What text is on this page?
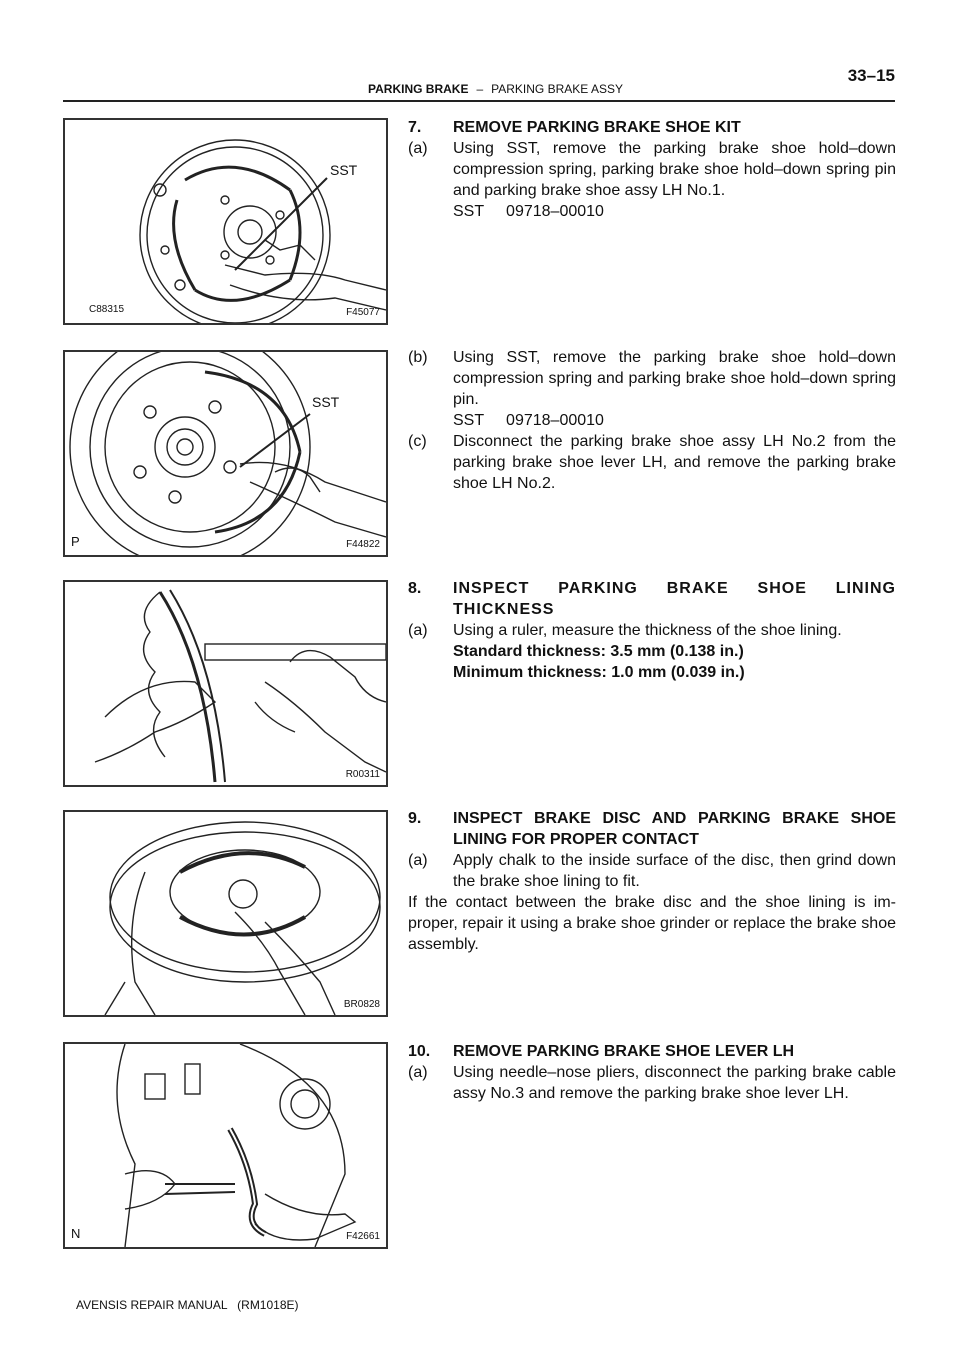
PARKING BRAKE – PARKING BRAKE ASSY
33–15
SST
C88315	F45077
SST
P	F44822
R00311
BR0828
N	F42661
7.	REMOVE PARKING BRAKE SHOE KIT
(a)	Using SST, remove the parking brake shoe hold–down compression spring, parking brake shoe hold–down spring pin and parking brake shoe assy LH No.1.
SST     09718–00010
(b)	Using SST, remove the parking brake shoe hold–down compression spring and parking brake shoe hold–down spring pin.
SST     09718–00010
(c)	Disconnect the parking brake shoe assy LH No.2 from the parking brake shoe lever LH, and remove the parking brake shoe LH No.2.
8.	INSPECT PARKING BRAKE SHOE LINING THICKNESS
(a)	Using a ruler, measure the thickness of the shoe lining.
Standard thickness: 3.5 mm (0.138 in.)
Minimum thickness: 1.0 mm (0.039 in.)
9.	INSPECT BRAKE DISC AND PARKING BRAKE SHOE LINING FOR PROPER CONTACT
(a)	Apply chalk to the inside surface of the disc, then grind down the brake shoe lining to fit.
If the contact between the brake disc and the shoe lining is im-proper, repair it using a brake shoe grinder or replace the brake shoe assembly.
10.	REMOVE PARKING BRAKE SHOE LEVER LH
(a)	Using needle–nose pliers, disconnect the parking brake cable assy No.3 and remove the parking brake shoe lever LH.
AVENSIS REPAIR MANUAL   (RM1018E)
